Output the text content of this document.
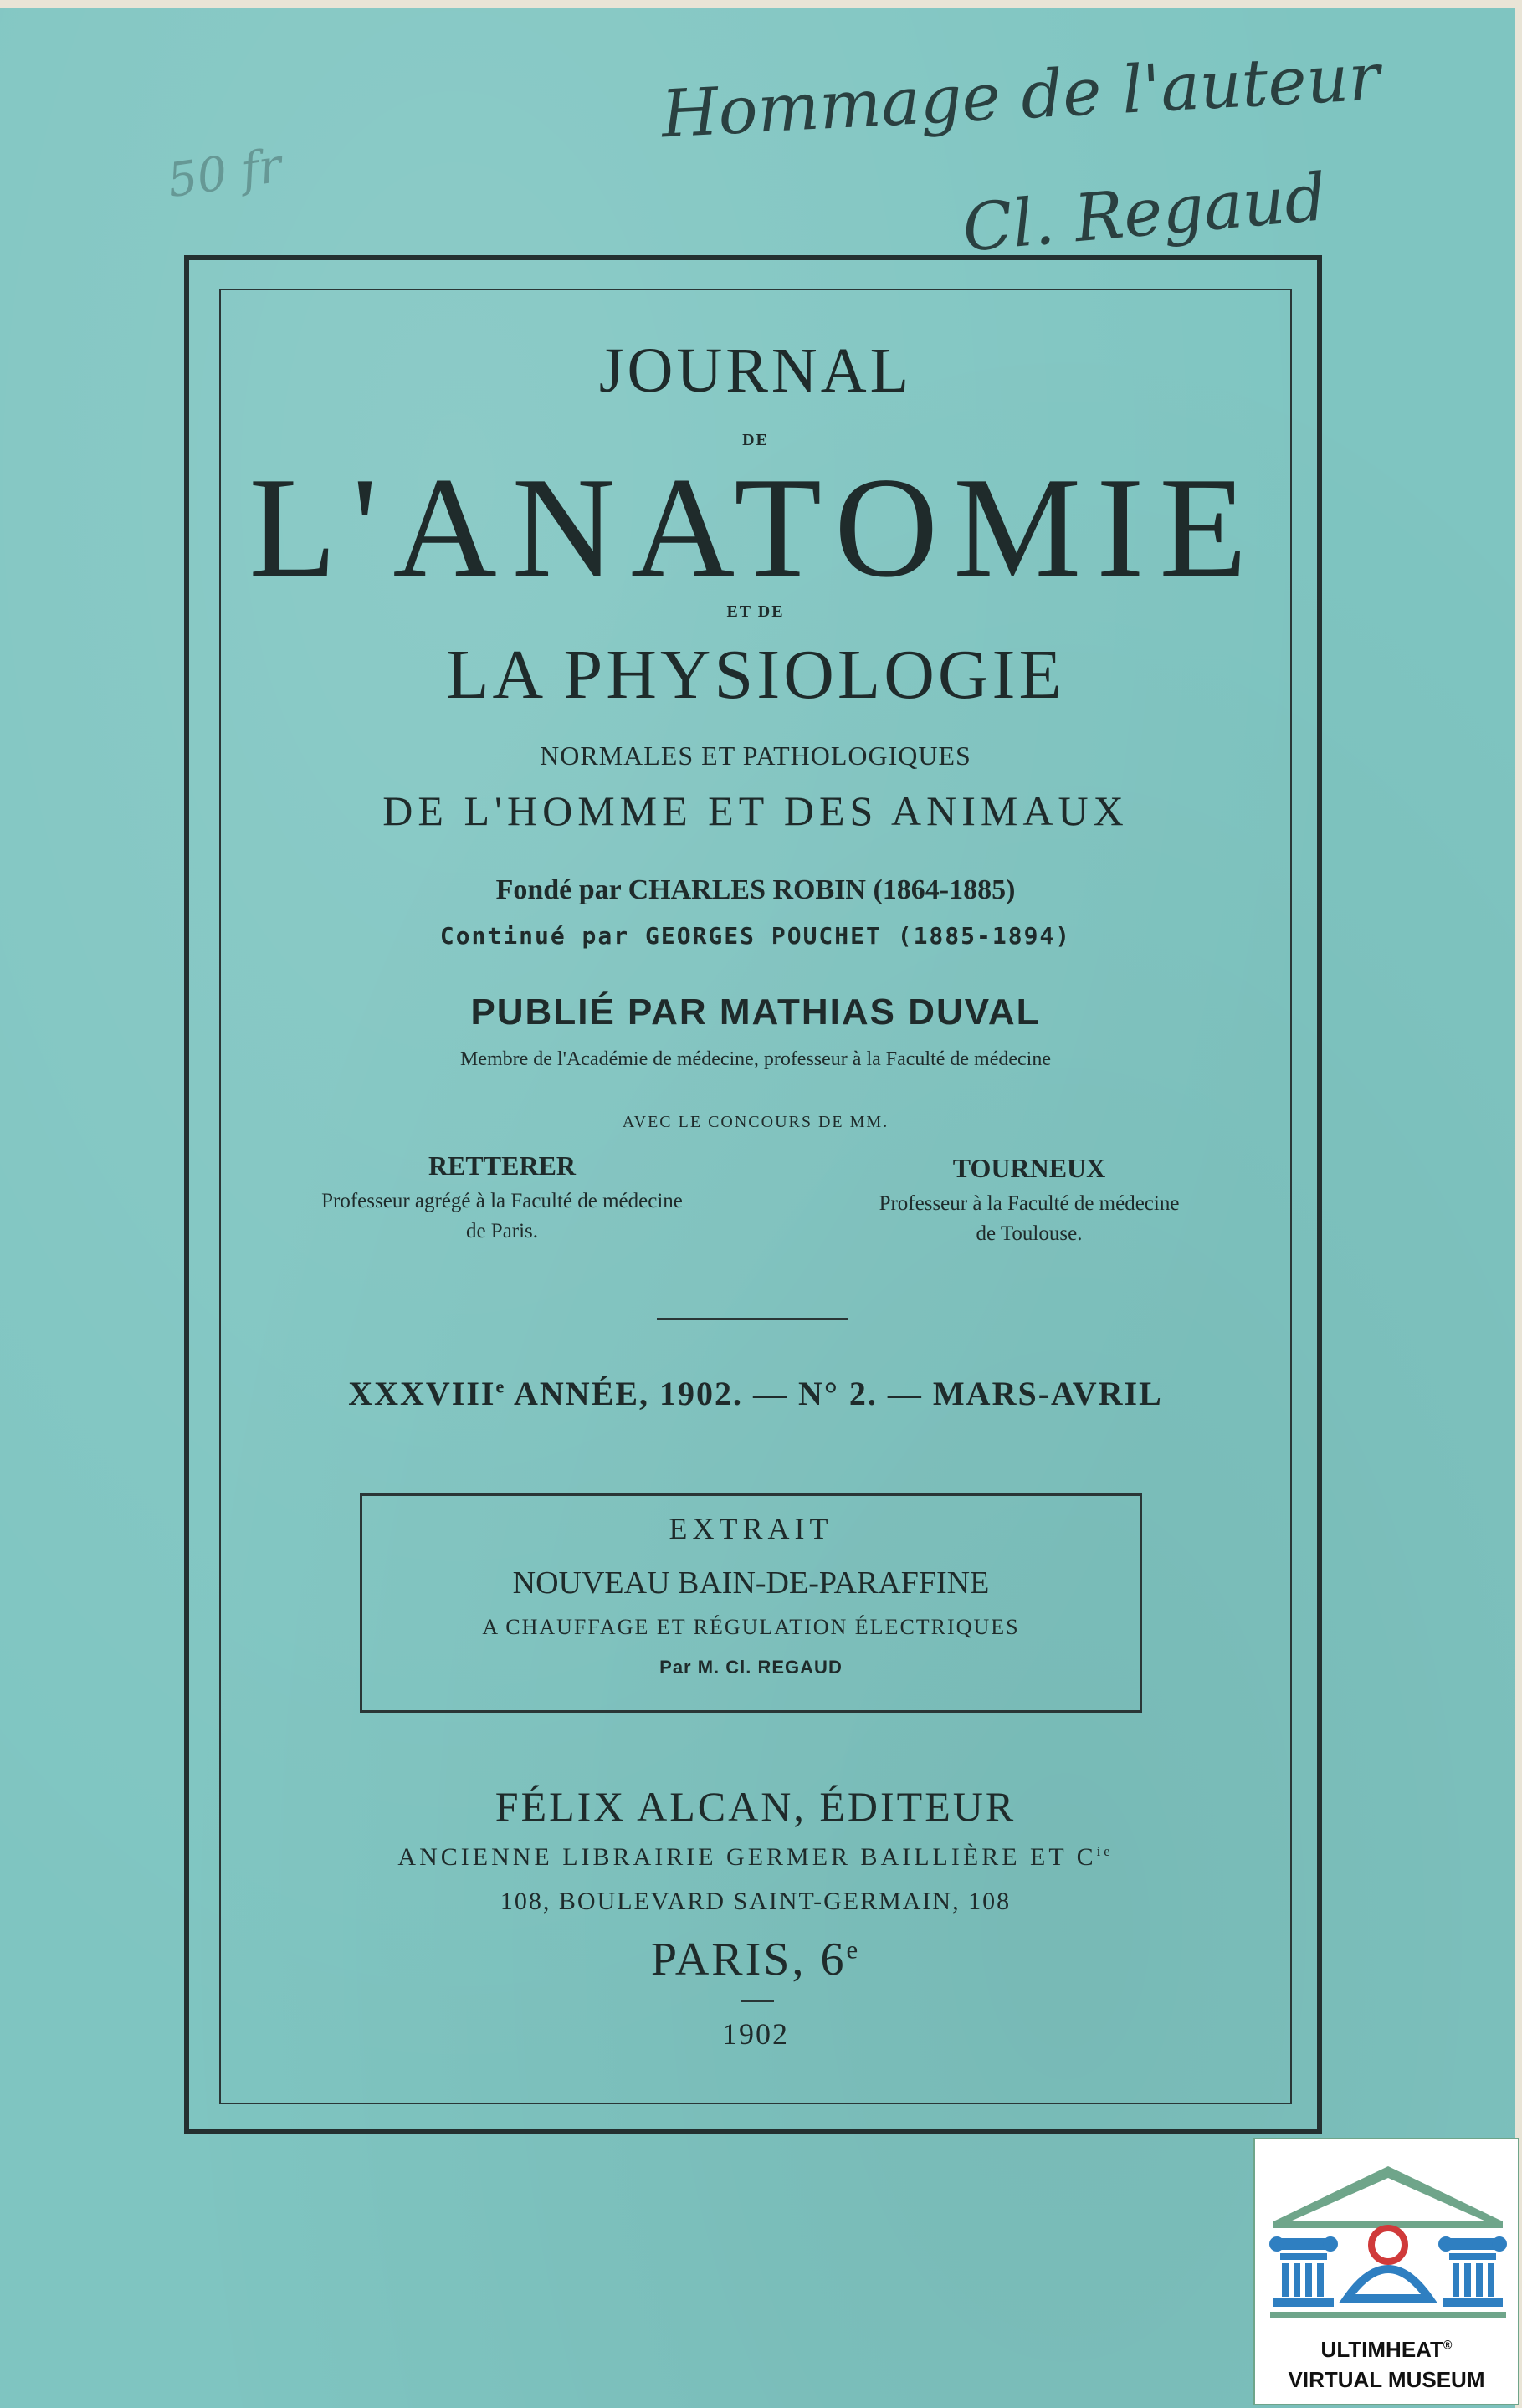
50 fr
Hommage de l'auteur
Cl. Regaud
JOURNAL
DE
L'ANATOMIE
ET DE
LA PHYSIOLOGIE
NORMALES ET PATHOLOGIQUES
DE L'HOMME ET DES ANIMAUX
Fondé par CHARLES ROBIN (1864-1885)
Continué par GEORGES POUCHET (1885-1894)
PUBLIÉ PAR MATHIAS DUVAL
Membre de l'Académie de médecine, professeur à la Faculté de médecine
AVEC LE CONCOURS DE MM.
RETTERER
Professeur agrégé à la Faculté de médecine
de Paris.
TOURNEUX
Professeur à la Faculté de médecine
de Toulouse.
XXXVIIIe ANNÉE, 1902. — N° 2. — MARS-AVRIL
EXTRAIT
NOUVEAU BAIN-DE-PARAFFINE
A CHAUFFAGE ET RÉGULATION ÉLECTRIQUES
Par M. Cl. REGAUD
FÉLIX ALCAN, ÉDITEUR
ANCIENNE LIBRAIRIE GERMER BAILLIÈRE ET $C^{ie}$
108, BOULEVARD SAINT-GERMAIN, 108
PARIS, 6e
1902
ULTIMHEAT®
VIRTUAL MUSEUM
